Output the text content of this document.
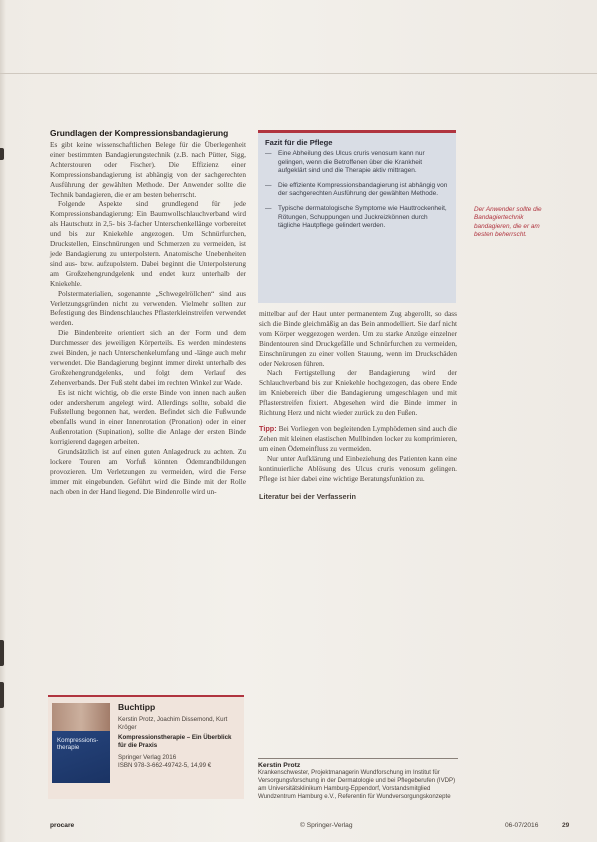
Grundlagen der Kompressionsbandagierung

Es gibt keine wissenschaftlichen Belege für die Überlegenheit einer bestimmten Bandagierungstechnik (z.B. nach Pütter, Sigg, Achterstouren oder Fischer). Die Effizienz einer Kompressionsbandagierung ist abhängig von der sachgerechten Ausführung der gewählten Methode. Der Anwender sollte die Technik bandagieren, die er am besten beherrscht.

Folgende Aspekte sind grundlegend für jede Kompressionsbandagierung: Ein Baumwollschlauchverband wird als Hautschutz in 2,5- bis 3-facher Unterschenkellänge vorbereitet und bis zur Kniekehle angezogen. Um Schnürfurchen, Druckstellen, Einschnürungen und Schmerzen zu vermeiden, ist jede Bandagierung zu unterpolstern. Anatomische Unebenheiten sind aus- bzw. aufzupolstern. Dabei beginnt die Unterpolsterung am Großzehengrundgelenk und endet kurz unterhalb der Kniekehle.

Polstermaterialien, sogenannte „Schwegelröllchen“ sind aus Verletzungsgründen nicht zu verwenden. Vielmehr sollten zur Befestigung des Bindenschlauches Pflasterkleinstreifen verwendet werden.

Die Bindenbreite orientiert sich an der Form und dem Durchmesser des jeweiligen Körperteils. Es werden mindestens zwei Binden, je nach Unterschenkelumfang und -länge auch mehr verwendet. Die Bandagierung beginnt immer direkt unterhalb des Großzehengrundgelenks, und folgt dem Verlauf des Zehenverbands. Der Fuß steht dabei im rechten Winkel zur Wade.

Es ist nicht wichtig, ob die erste Binde von innen nach außen oder andersherum angelegt wird. Allerdings sollte, sobald die Fußstellung begonnen hat, werden. Befindet sich die Fußwunde ebenfalls wund in einer Innenrotation (Pronation) oder in einer Außenrotation (Supination), sollte die Anlage der ersten Binde korrigierend dagegen arbeiten.

Grundsätzlich ist auf einen guten Anlagedruck zu achten. Zu lockere Touren am Vorfuß könnten Ödemrandbildungen provozieren. Um Verletzungen zu vermeiden, wird die Ferse immer mit eingebunden. Geführt wird die Binde mit der Rolle nach oben in der Hand liegend. Die Bindenrolle wird un-

Fazit für die Pflege
— Eine Abheilung des Ulcus cruris venosum kann nur gelingen, wenn die Betroffenen über die Krankheit aufgeklärt sind und die Therapie aktiv mittragen.
— Die effiziente Kompressionsbandagierung ist abhängig von der sachgerechten Ausführung der gewählten Methode.
— Typische dermatologische Symptome wie Hauttrockenheit, Rötungen, Schuppungen und Juckreizkönnen durch tägliche Hautpflege gelindert werden.
Der Anwender sollte die Bandagiertechnik bandagieren, die er am besten beherrscht.

mittelbar auf der Haut unter permanentem Zug abgerollt, so dass sich die Binde gleichmäßig an das Bein anmodelliert. Sie darf nicht vom Körper weggezogen werden. Um zu starke Anzüge einzelner Bindentouren sind Druckgefälle und Schnürfurchen zu vermeiden, Einschnürungen zu einer vollen Stauung, wenn im Druckschäden oder Nekrosen führen.

Nach Fertigstellung der Bandagierung wird der Schlauchverband bis zur Kniekehle hochgezogen, das obere Ende im Kniebereich über die Bandagierung umgeschlagen und mit Pflasterstreifen fixiert. Abgesehen wird die Binde immer in Richtung Herz und nicht wieder zurück zu den Fußen.

Tipp: Bei Vorliegen von begleitenden Lymphödemen sind auch die Zehen mit kleinen elastischen Mullbinden locker zu komprimieren, um einen Ödemeinfluss zu vermeiden.

Nur unter Aufklärung und Einbeziehung des Patienten kann eine kontinuierliche Ablösung des Ulcus cruris venosum gelingen. Pflege ist hier dabei eine wichtige Beratungsfunktion zu.

Literatur bei der Verfasserin

Kompressions-therapie
Buchtipp
Kerstin Protz, Joachim Dissemond, Kurt Kröger
Kompressionstherapie – Ein Überblick für die Praxis
Springer Verlag 2016
ISBN 978-3-662-49742-5, 14,99 €	Kerstin Protz
Krankenschwester, Projektmanagerin Wundforschung im Institut für Versorgungsforschung in der Dermatologie und bei Pflegeberufen (IVDP) am Universitätsklinikum Hamburg-Eppendorf, Vorstandsmitglied Wundzentrum Hamburg e.V., Referentin für Wundversorgungskonzepte
procare	© Springer-Verlag	06-07/2016	29
